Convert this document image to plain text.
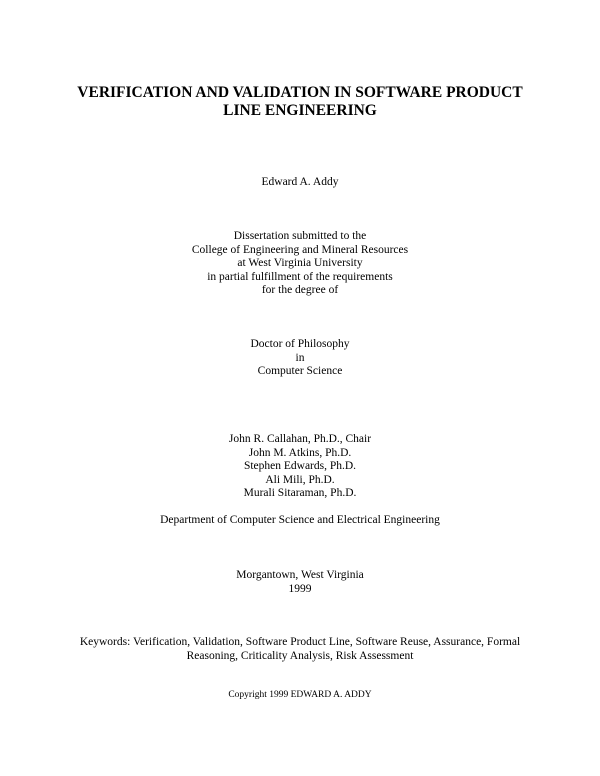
VERIFICATION AND VALIDATION IN SOFTWARE PRODUCT
LINE ENGINEERING
Edward A. Addy
Dissertation submitted to the
College of Engineering and Mineral Resources
at West Virginia University
in partial fulfillment of the requirements
for the degree of
Doctor of Philosophy
in
Computer Science
John R. Callahan, Ph.D., Chair
John M. Atkins, Ph.D.
Stephen Edwards, Ph.D.
Ali Mili, Ph.D.
Murali Sitaraman, Ph.D.
Department of Computer Science and Electrical Engineering
Morgantown, West Virginia
1999
Keywords: Verification, Validation, Software Product Line, Software Reuse, Assurance, Formal
Reasoning, Criticality Analysis, Risk Assessment
Copyright 1999 EDWARD A. ADDY
